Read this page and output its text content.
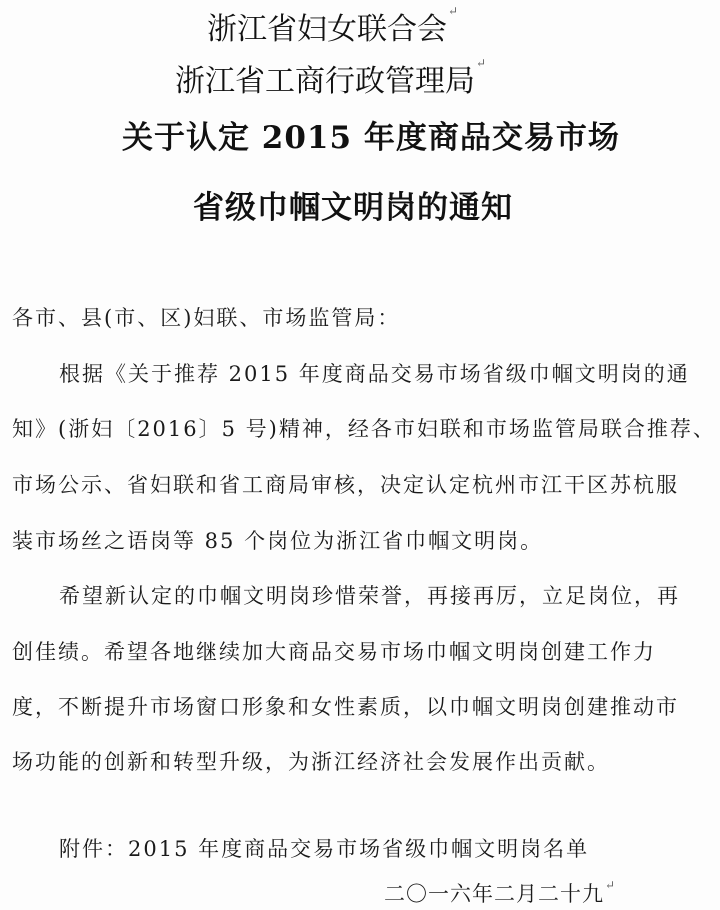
浙江省妇女联合会↵
浙江省工商行政管理局↵
关于认定 2015 年度商品交易市场
省级巾帼文明岗的通知
各市、县(市、区)妇联、市场监管局：
根据《关于推荐 2015 年度商品交易市场省级巾帼文明岗的通
知》(浙妇〔2016〕5 号)精神，经各市妇联和市场监管局联合推荐、
市场公示、省妇联和省工商局审核，决定认定杭州市江干区苏杭服
装市场丝之语岗等 85 个岗位为浙江省巾帼文明岗。
希望新认定的巾帼文明岗珍惜荣誉，再接再厉，立足岗位，再
创佳绩。希望各地继续加大商品交易市场巾帼文明岗创建工作力
度，不断提升市场窗口形象和女性素质，以巾帼文明岗创建推动市
场功能的创新和转型升级，为浙江经济社会发展作出贡献。
附件：2015 年度商品交易市场省级巾帼文明岗名单
二〇一六年二月二十九↵
